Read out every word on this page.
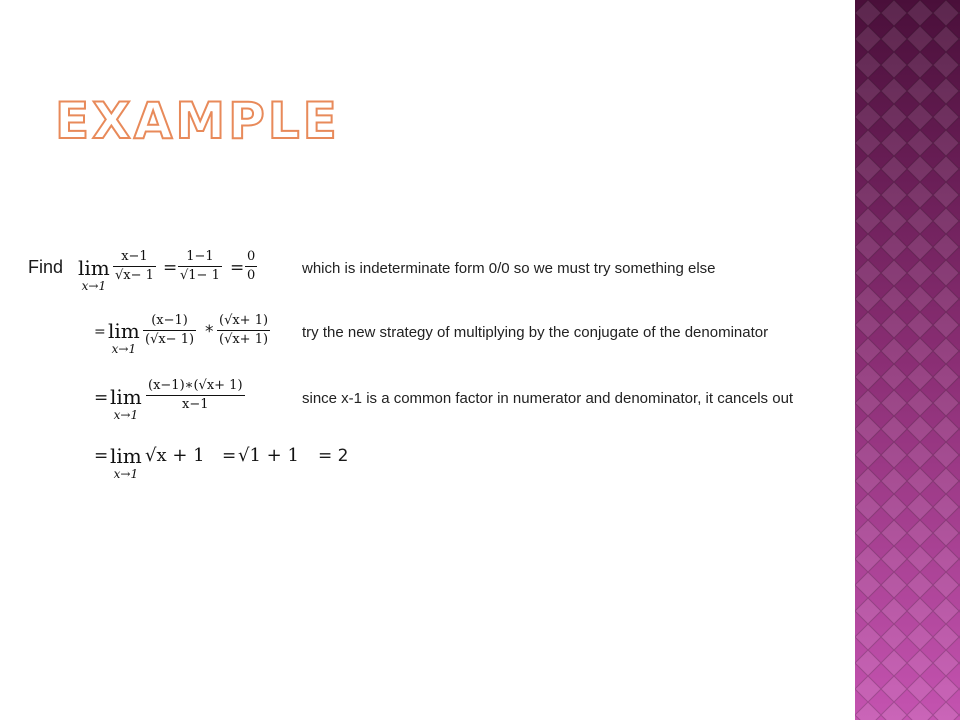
EXAMPLE
Find lim
x→1
x−1
√x− 1 =
1−1
√1− 1 =
0
0	which is indeterminate form 0/0 so we must try something else
= lim
x→1
(x−1)
(√x− 1) *
(√x+ 1)
(√x+ 1) try the new strategy of multiplying by the conjugate of the denominator
= lim
x→1
(x−1)∗(√x+ 1)
x−1	since x-1 is a common factor in numerator and denominator, it cancels out
= lim
x→1
√x + 1 = √1 + 1 = 2
